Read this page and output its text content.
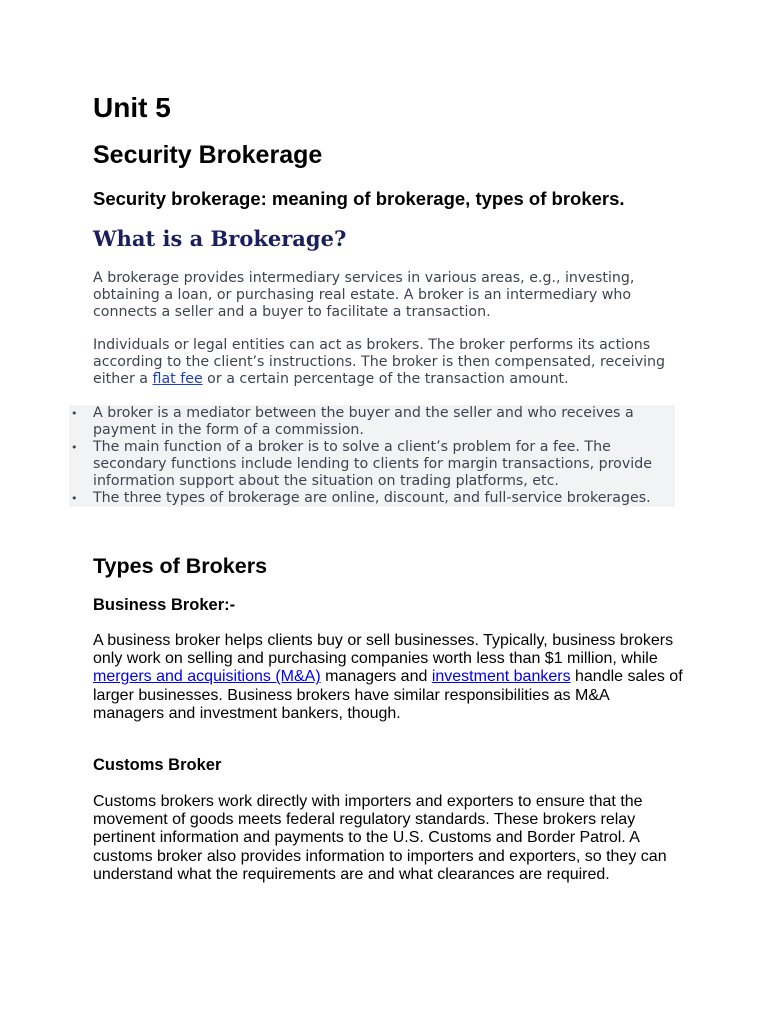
Unit 5
Security Brokerage
Security brokerage: meaning of brokerage, types of brokers.
What is a Brokerage?

A brokerage provides intermediary services in various areas, e.g., investing, obtaining a loan, or purchasing real estate. A broker is an intermediary who connects a seller and a buyer to facilitate a transaction.

Individuals or legal entities can act as brokers. The broker performs its actions according to the client’s instructions. The broker is then compensated, receiving either a flat fee or a certain percentage of the transaction amount.

• A broker is a mediator between the buyer and the seller and who receives a payment in the form of a commission.
• The main function of a broker is to solve a client’s problem for a fee. The secondary functions include lending to clients for margin transactions, provide information support about the situation on trading platforms, etc.
• The three types of brokerage are online, discount, and full-service brokerages.
Types of Brokers
Business Broker:-

A business broker helps clients buy or sell businesses. Typically, business brokers only work on selling and purchasing companies worth less than $1 million, while mergers and acquisitions (M&A) managers and investment bankers handle sales of larger businesses. Business brokers have similar responsibilities as M&A managers and investment bankers, though.

Customs Broker

Customs brokers work directly with importers and exporters to ensure that the movement of goods meets federal regulatory standards. These brokers relay pertinent information and payments to the U.S. Customs and Border Patrol. A customs broker also provides information to importers and exporters, so they can understand what the requirements are and what clearances are required.
